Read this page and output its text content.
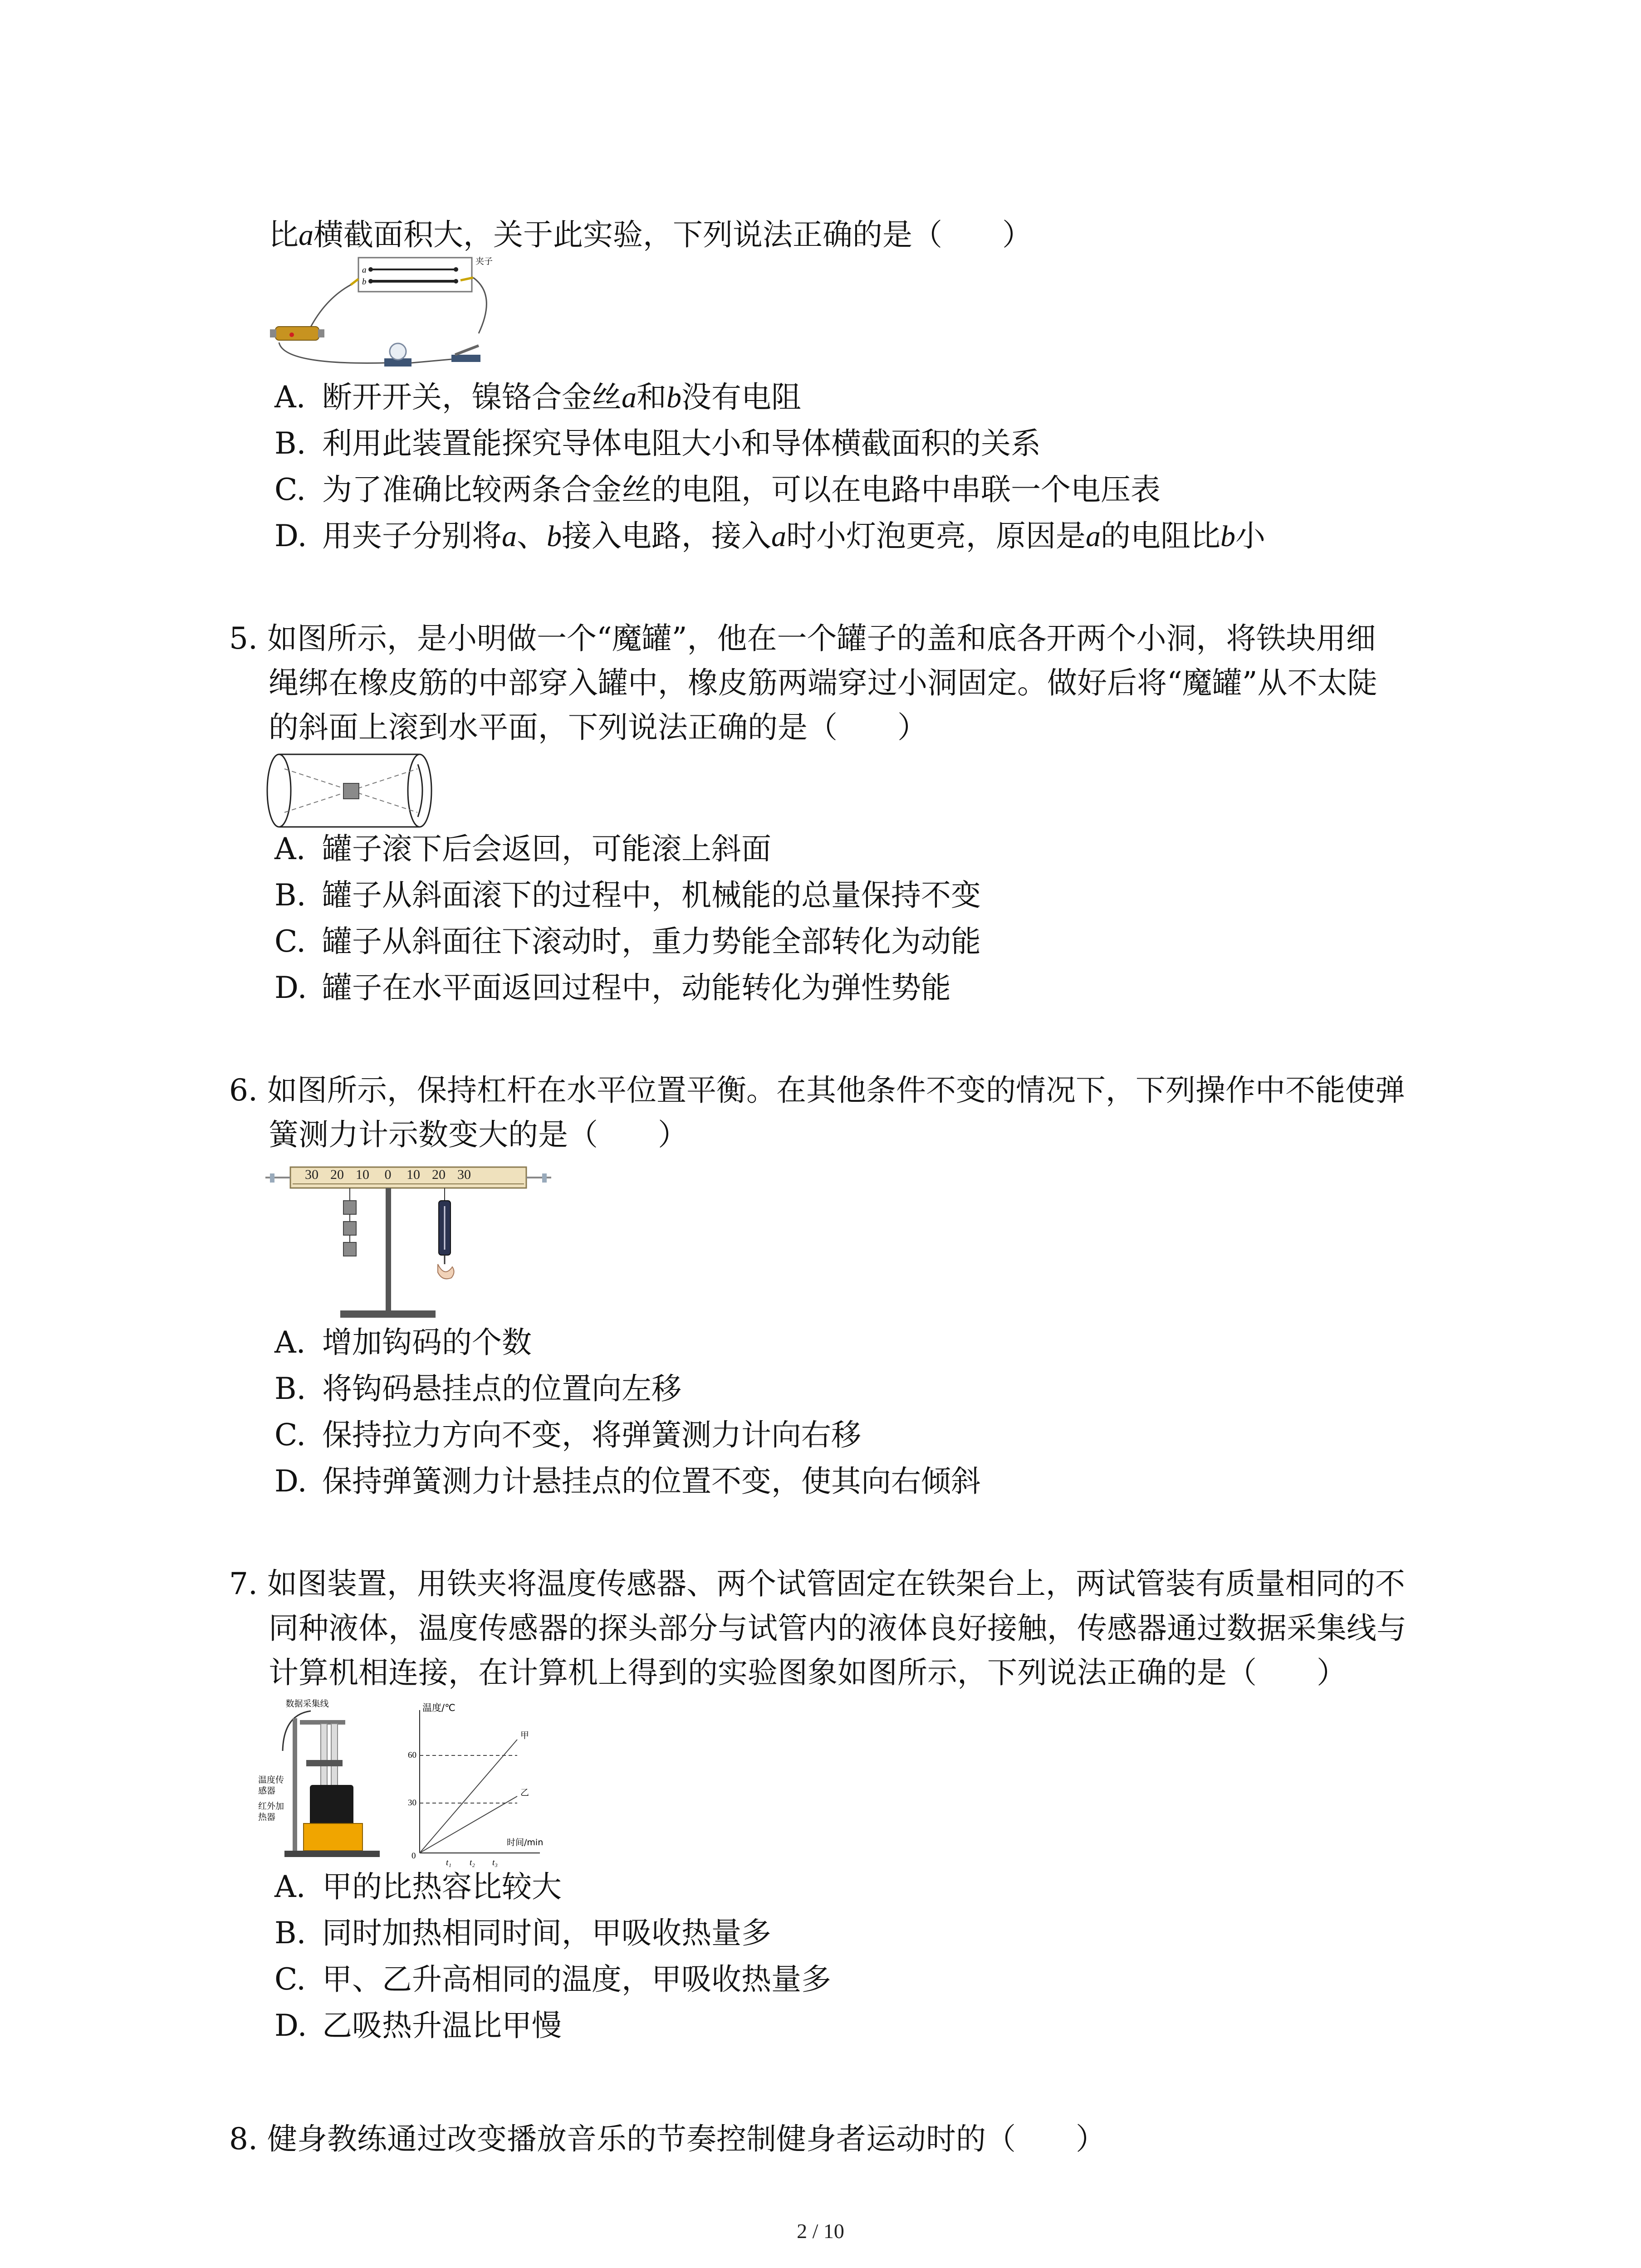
比a横截面积大，关于此实验，下列说法正确的是（　　）
a
b
夹子
A. 断开开关，镍铬合金丝a和b没有电阻
B. 利用此装置能探究导体电阻大小和导体横截面积的关系
C. 为了准确比较两条合金丝的电阻，可以在电路中串联一个电压表
D. 用夹子分别将a、b接入电路，接入a时小灯泡更亮，原因是a的电阻比b小
5. 如图所示，是小明做一个“魔罐”，他在一个罐子的盖和底各开两个小洞，将铁块用细
绳绑在橡皮筋的中部穿入罐中，橡皮筋两端穿过小洞固定。做好后将“魔罐”从不太陡
的斜面上滚到水平面，下列说法正确的是（　　）
A. 罐子滚下后会返回，可能滚上斜面
B. 罐子从斜面滚下的过程中，机械能的总量保持不变
C. 罐子从斜面往下滚动时，重力势能全部转化为动能
D. 罐子在水平面返回过程中，动能转化为弹性势能
6. 如图所示，保持杠杆在水平位置平衡。在其他条件不变的情况下，下列操作中不能使弹
簧测力计示数变大的是（　　）
30 20 10 0 10 20 30
A. 增加钩码的个数
B. 将钩码悬挂点的位置向左移
C. 保持拉力方向不变，将弹簧测力计向右移
D. 保持弹簧测力计悬挂点的位置不变，使其向右倾斜
7. 如图装置，用铁夹将温度传感器、两个试管固定在铁架台上，两试管装有质量相同的不
同种液体，温度传感器的探头部分与试管内的液体良好接触，传感器通过数据采集线与
计算机相连接，在计算机上得到的实验图象如图所示，下列说法正确的是（　　）
数据采集线
温度传
感器
红外加
热器
温度/℃
时间/min
60
30
0
t₁ t₂ t₃
甲
乙
A. 甲的比热容比较大
B. 同时加热相同时间，甲吸收热量多
C. 甲、乙升高相同的温度，甲吸收热量多
D. 乙吸热升温比甲慢
8. 健身教练通过改变播放音乐的节奏控制健身者运动时的（　　）
2 / 10
